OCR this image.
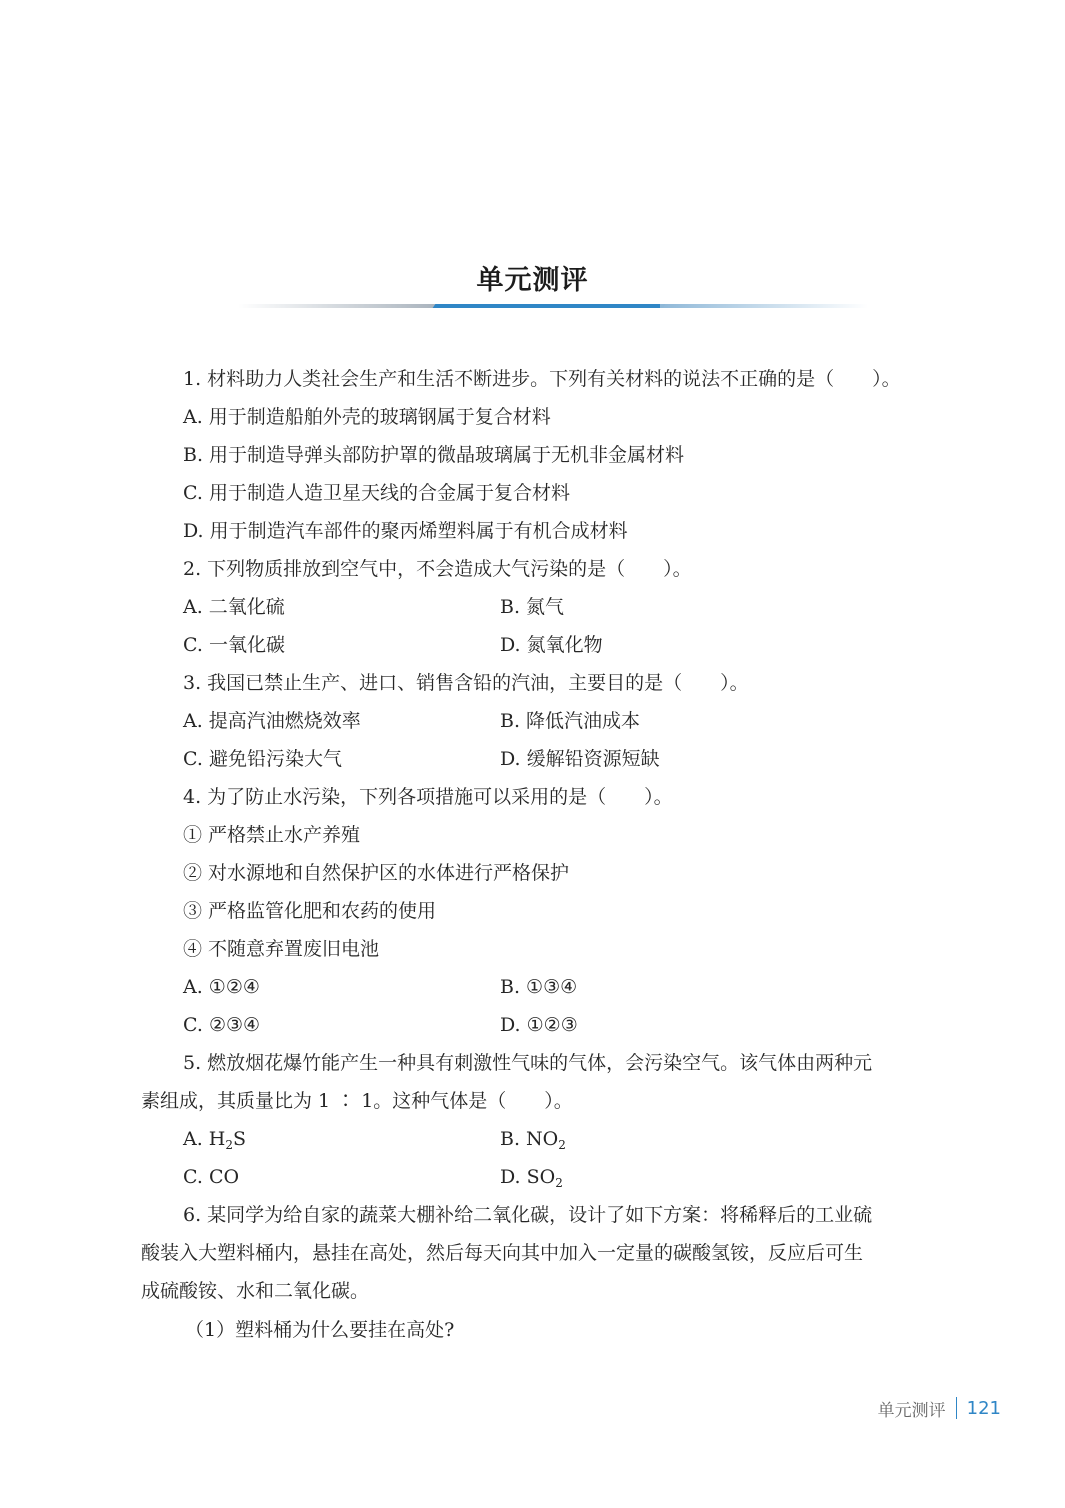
单元测评
1. 材料助力人类社会生产和生活不断进步。下列有关材料的说法不正确的是（　　）。
A. 用于制造船舶外壳的玻璃钢属于复合材料
B. 用于制造导弹头部防护罩的微晶玻璃属于无机非金属材料
C. 用于制造人造卫星天线的合金属于复合材料
D. 用于制造汽车部件的聚丙烯塑料属于有机合成材料
2. 下列物质排放到空气中，不会造成大气污染的是（　　）。
A. 二氧化硫	B. 氮气
C. 一氧化碳	D. 氮氧化物
3. 我国已禁止生产、进口、销售含铅的汽油，主要目的是（　　）。
A. 提高汽油燃烧效率	B. 降低汽油成本
C. 避免铅污染大气	D. 缓解铅资源短缺
4. 为了防止水污染，下列各项措施可以采用的是（　　）。
① 严格禁止水产养殖
② 对水源地和自然保护区的水体进行严格保护
③ 严格监管化肥和农药的使用
④ 不随意弃置废旧电池
A. ①②④	B. ①③④
C. ②③④	D. ①②③
5. 燃放烟花爆竹能产生一种具有刺激性气味的气体，会污染空气。该气体由两种元
素组成，其质量比为 1 ∶ 1。这种气体是（　　）。
A. $H_2S$	B. $NO_2$
C. CO	D. $SO_2$
6. 某同学为给自家的蔬菜大棚补给二氧化碳，设计了如下方案：将稀释后的工业硫
酸装入大塑料桶内，悬挂在高处，然后每天向其中加入一定量的碳酸氢铵，反应后可生
成硫酸铵、水和二氧化碳。
（1）塑料桶为什么要挂在高处?
单元测评 121
